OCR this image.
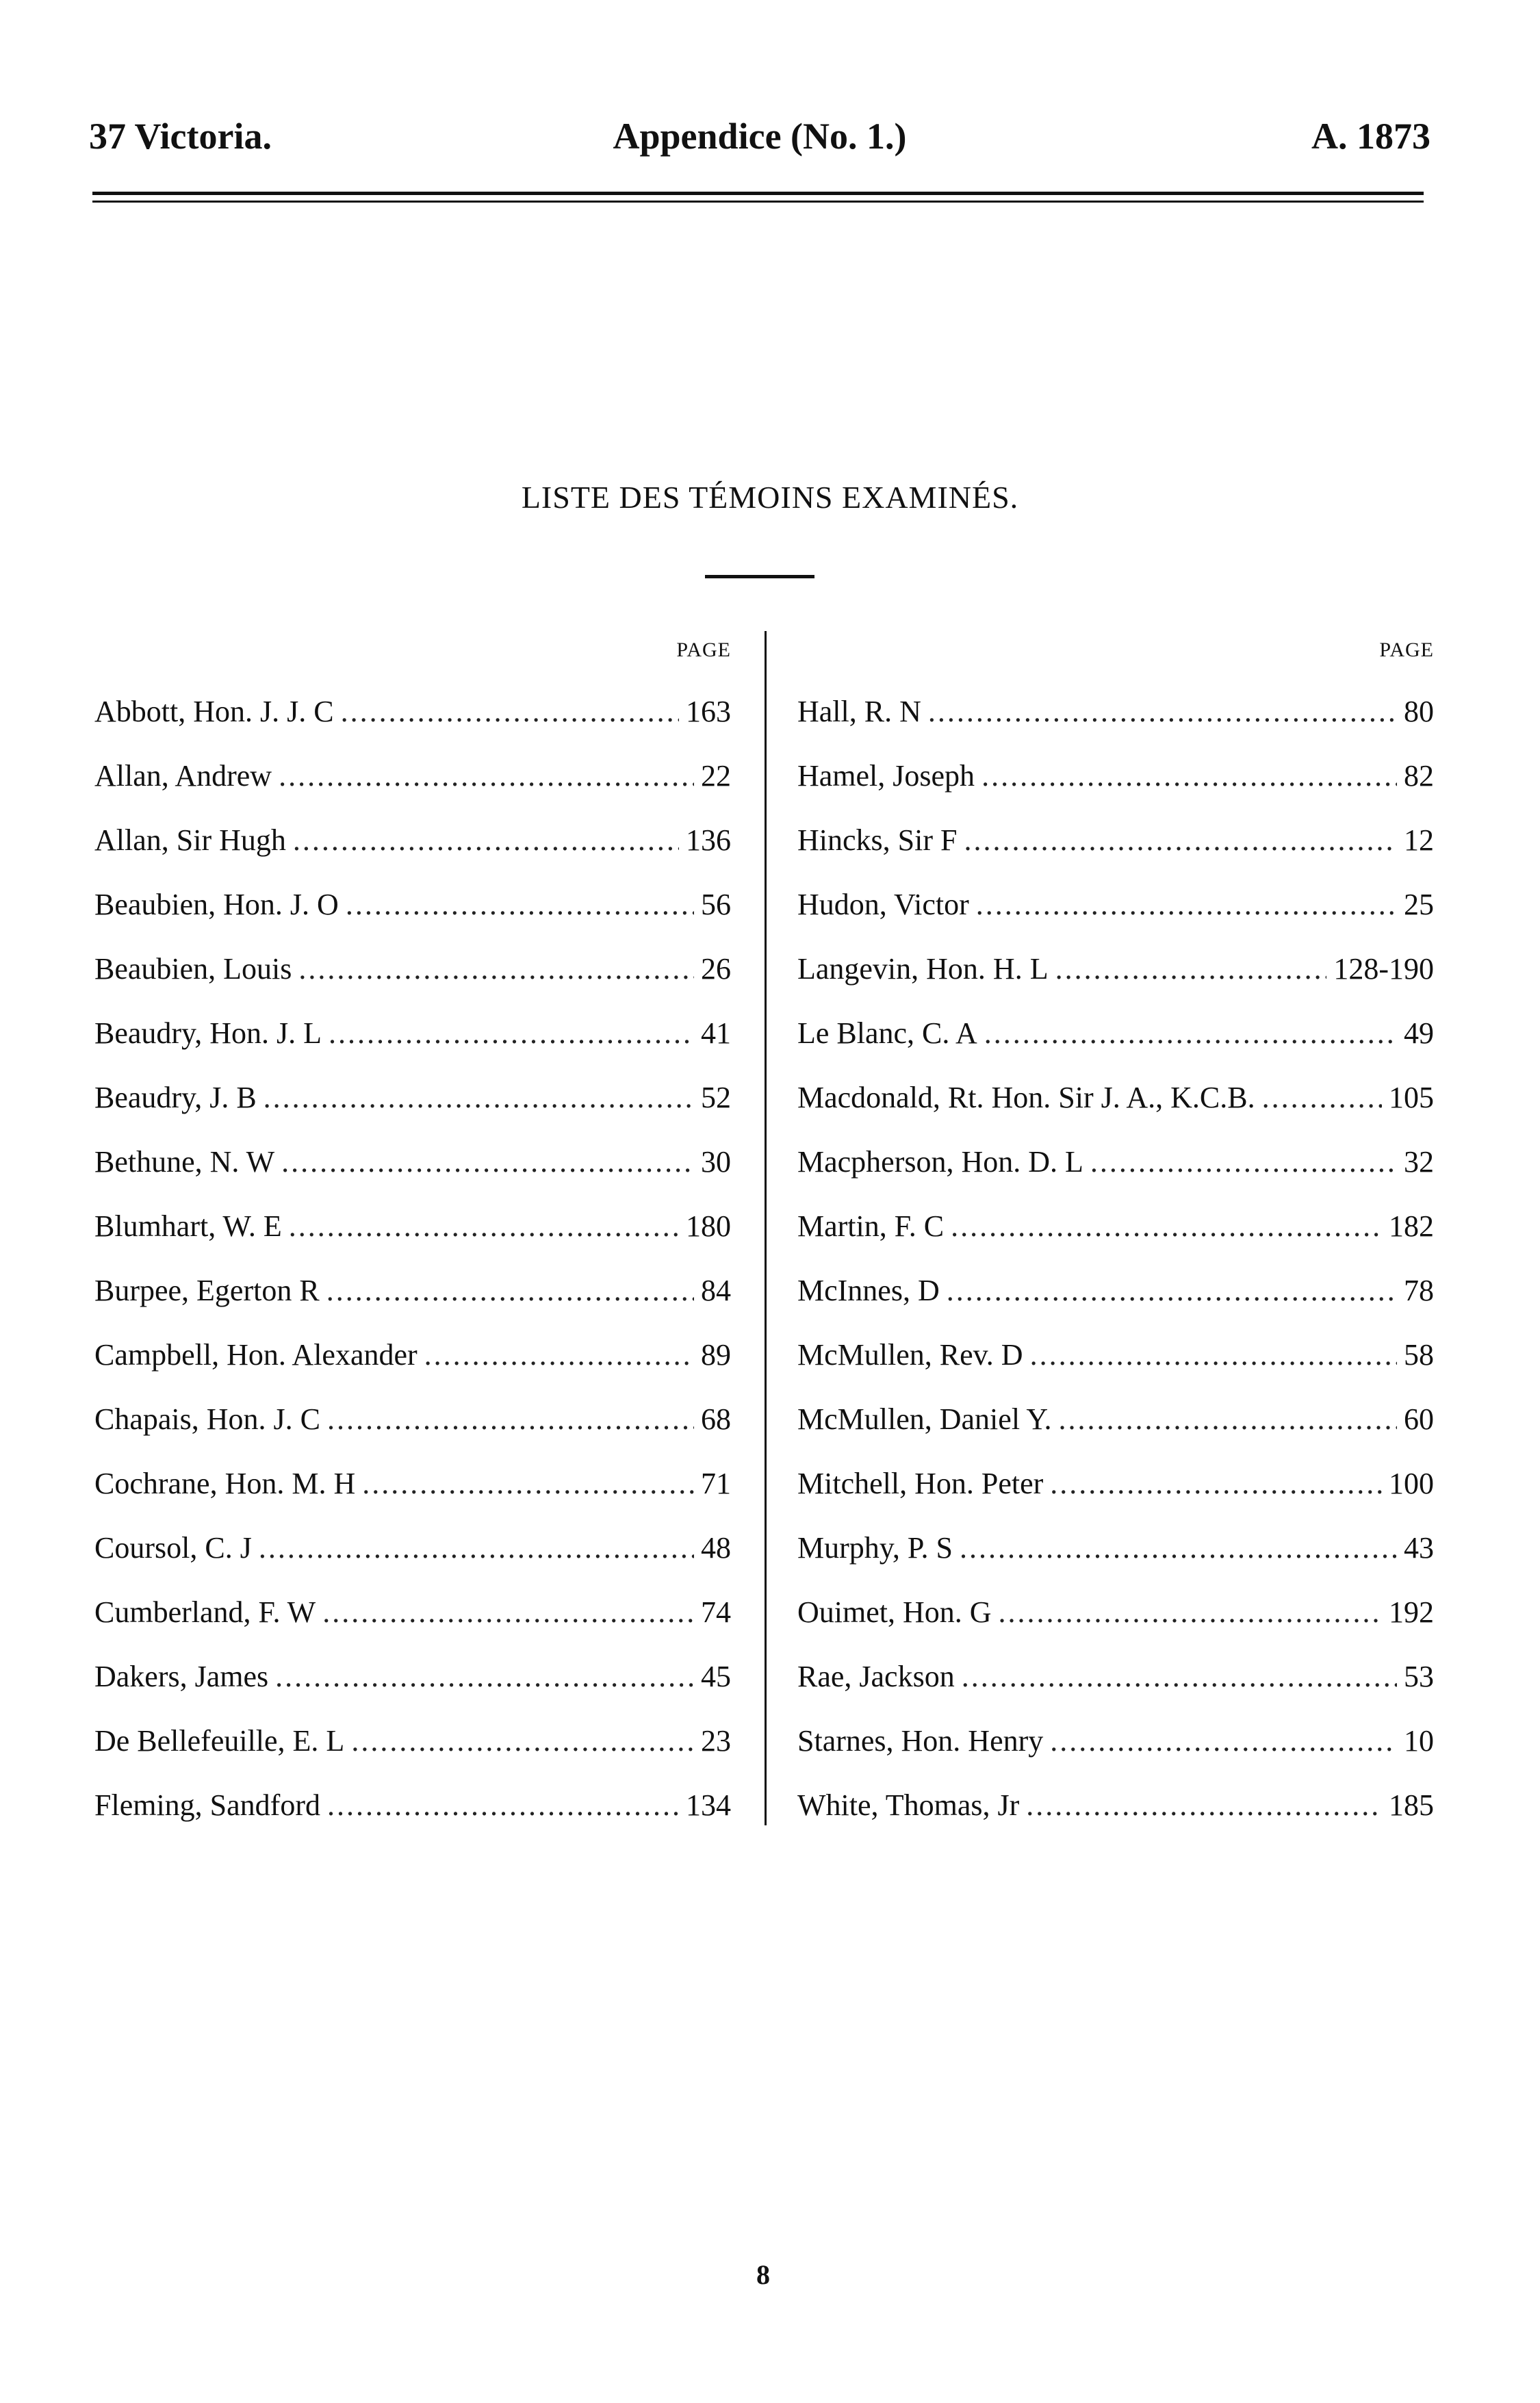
37 Victoria.	Appendice (No. 1.)	A. 1873
LISTE DES TÉMOINS EXAMINÉS.
PAGE
Abbott, Hon. J. J. C .....	163
Allan, Andrew .....	22
Allan, Sir Hugh .....	136
Beaubien, Hon. J. O .....	56
Beaubien, Louis .....	26
Beaudry, Hon. J. L .....	41
Beaudry, J. B .....	52
Bethune, N. W .....	30
Blumhart, W. E .....	180
Burpee, Egerton R .....	84
Campbell, Hon. Alexander .....	89
Chapais, Hon. J. C .....	68
Cochrane, Hon. M. H .....	71
Coursol, C. J .....	48
Cumberland, F. W .....	74
Dakers, James .....	45
De Bellefeuille, E. L .....	23
Fleming, Sandford .....	134
PAGE
Hall, R. N .....	80
Hamel, Joseph .....	82
Hincks, Sir F .....	12
Hudon, Victor .....	25
Langevin, Hon. H. L .....	128-190
Le Blanc, C. A .....	49
Macdonald, Rt. Hon. Sir J. A., K.C.B. .....	105
Macpherson, Hon. D. L .....	32
Martin, F. C .....	182
McInnes, D .....	78
McMullen, Rev. D .....	58
McMullen, Daniel Y. .....	60
Mitchell, Hon. Peter .....	100
Murphy, P. S .....	43
Ouimet, Hon. G .....	192
Rae, Jackson .....	53
Starnes, Hon. Henry .....	10
White, Thomas, Jr .....	185
8
